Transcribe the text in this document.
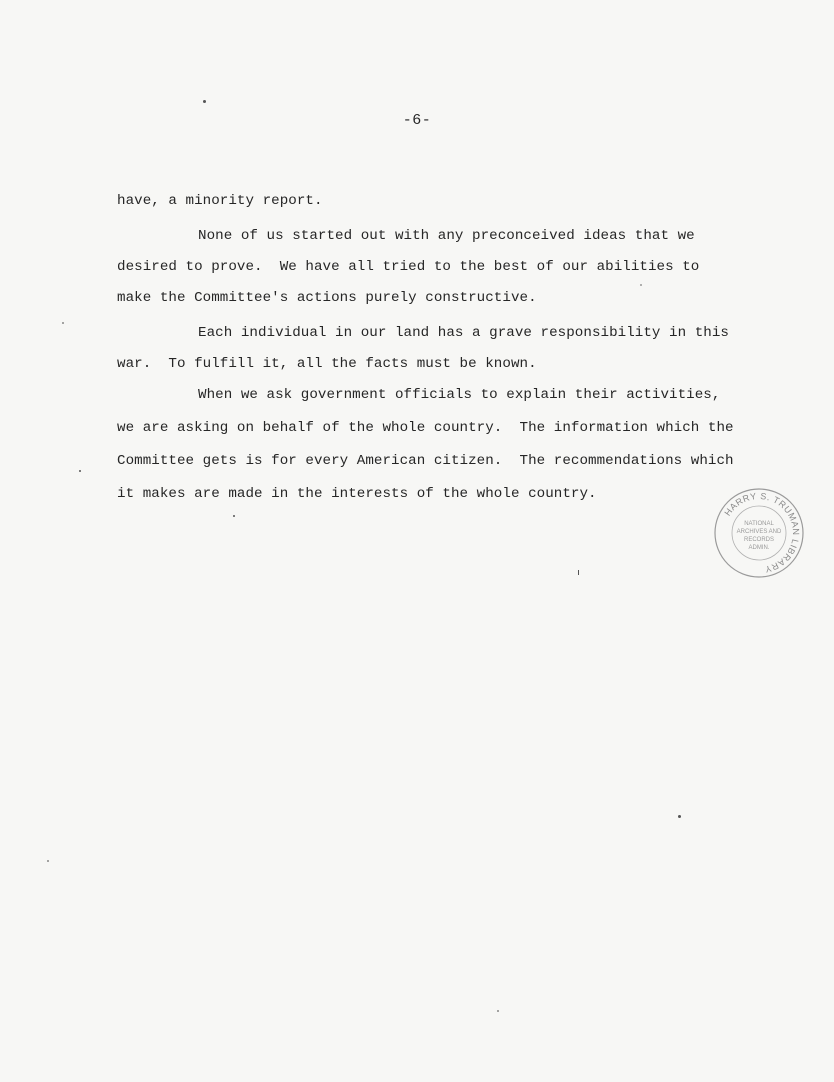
-6-
have, a minority report.
None of us started out with any preconceived ideas that we
desired to prove.  We have all tried to the best of our abilities to
make the Committee's actions purely constructive.
Each individual in our land has a grave responsibility in this
war.  To fulfill it, all the facts must be known.
When we ask government officials to explain their activities,
we are asking on behalf of the whole country.  The information which the
Committee gets is for every American citizen.  The recommendations which
it makes are made in the interests of the whole country.
HARRY S. TRUMAN LIBRARY
NATIONAL
ARCHIVES AND
RECORDS
ADMIN.
